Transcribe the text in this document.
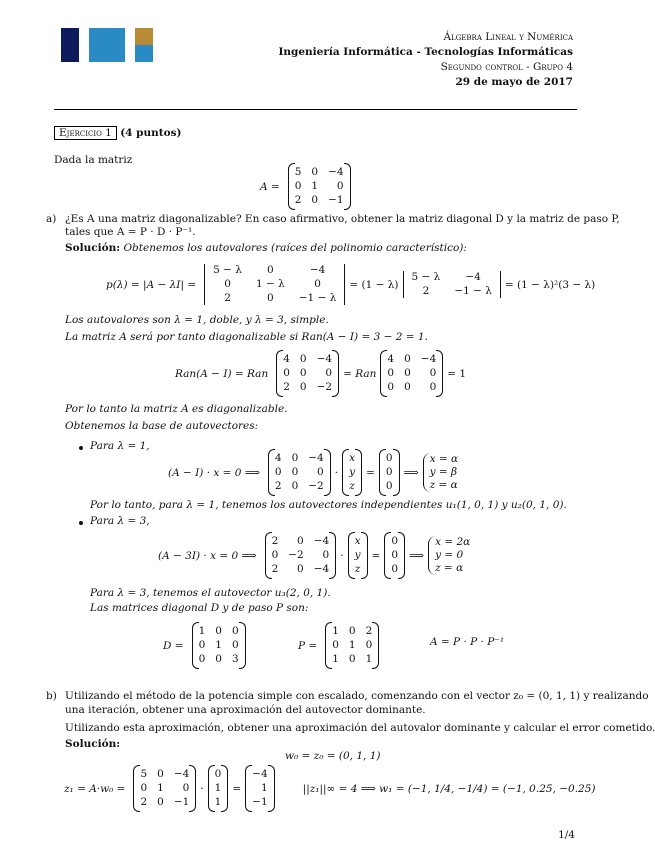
Álgebra Lineal y Numérica
Ingeniería Informática - Tecnologías Informáticas
Segundo control - Grupo 4
29 de mayo de 2017
Ejercicio 1 (4 puntos)
Dada la matriz
A =
5 0 −4
0 1	0
2 0 −1
a) ¿Es A una matriz diagonalizable? En caso afirmativo, obtener la matriz diagonal D y la matriz de paso P,
tales que A = P · D · P⁻¹.
Solución: Obtenemos los autovalores (raíces del polinomio característico):
p(λ) = |A − λI| =
5 − λ	0	−4
0	1 − λ	0
2	0	−1 − λ
= (1 − λ)
5 − λ	−4
2	−1 − λ
= (1 − λ)²(3 − λ)
Los autovalores son λ = 1, doble, y λ = 3, simple.
La matriz A será por tanto diagonalizable si Ran(A − I) = 3 − 2 = 1.
Ran(A − I) = Ran
4 0 −4
0 0	0
2 0 −2
= Ran
4 0 −4
0 0	0
0 0	0
= 1
Por lo tanto la matriz A es diagonalizable.
Obtenemos la base de autovectores:
Para λ = 1,
(A − I) · x = 0 ⟹
4 0 −4
0 0	0
2 0 −2
·
x
y
z
=
0
0
0
⟹
x = α
y = β
z = α
Por lo tanto, para λ = 1, tenemos los autovectores independientes u₁(1, 0, 1) y u₂(0, 1, 0).
Para λ = 3,
(A − 3I) · x = 0 ⟹
2	0 −4
0 −2	0
2	0 −4
·
x
y
z
=
0
0
0
⟹
x = 2α
y = 0
z = α
Para λ = 3, tenemos el autovector u₃(2, 0, 1).
Las matrices diagonal D y de paso P son:
D =
1 0 0
0 1 0
0 0 3
P =
1 0 2
0 1 0
1 0 1
A = P · P · P⁻¹
b) Utilizando el método de la potencia simple con escalado, comenzando con el vector z₀ = (0, 1, 1) y realizando
una iteración, obtener una aproximación del autovector dominante.
Utilizando esta aproximación, obtener una aproximación del autovalor dominante y calcular el error cometido.
Solución:
w₀ = z₀ = (0, 1, 1)
z₁ = A·w₀ =
5 0 −4
0 1	0
2 0 −1
·
0
1
1
=
−4
1
−1
||z₁||∞ = 4 ⟹ w₁ = (−1, 1/4, −1/4) = (−1, 0.25, −0.25)
1/4
